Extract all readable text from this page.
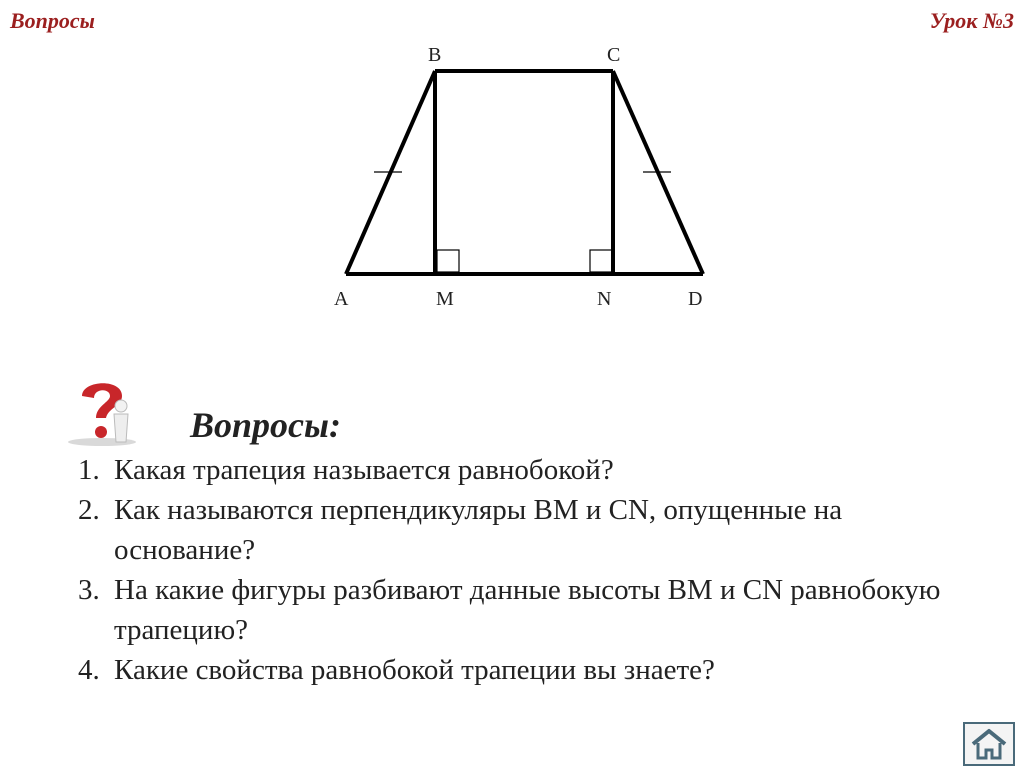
Вопросы	Урок №3
B	C
A	M	N	D
Вопросы:
1. Какая трапеция называется равнобокой?
2. Как называются перпендикуляры BM и CN, опущенные на основание?
3. На какие фигуры разбивают данные высоты BM и CN равнобокую трапецию?
4. Какие свойства равнобокой трапеции вы знаете?
